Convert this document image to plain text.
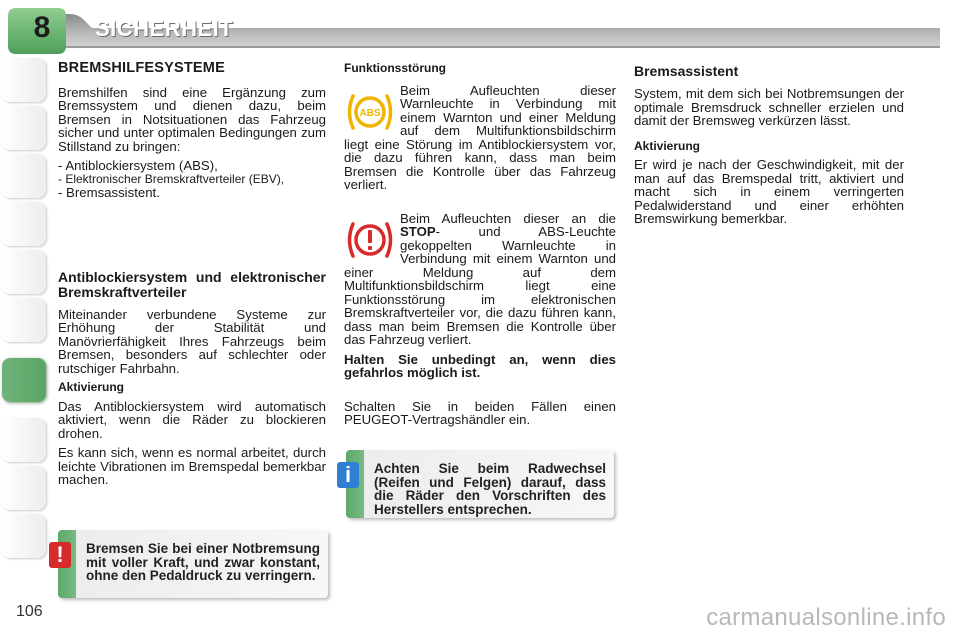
8	SICHERHEIT
BREMSHILFESYSTEME

Bremshilfen sind eine Ergänzung zum Bremssystem und dienen dazu, beim Bremsen in Notsituationen das Fahrzeug sicher und unter optimalen Bedingungen zum Stillstand zu bringen:

- Antiblockiersystem (ABS),
- Elektronischer Bremskraftverteiler (EBV),
- Bremsassistent.
Antiblockiersystem und elektronischer Bremskraftverteiler

Miteinander verbundene Systeme zur Erhöhung der Stabilität und Manövrierfähigkeit Ihres Fahrzeugs beim Bremsen, besonders auf schlechter oder rutschiger Fahrbahn.

Aktivierung

Das Antiblockiersystem wird automatisch aktiviert, wenn die Räder zu blockieren drohen.

Es kann sich, wenn es normal arbeitet, durch leichte Vibrationen im Bremspedal bemerkbar machen.

Funktionsstörung

ABS
Beim Aufleuchten dieser Warnleuchte in Verbindung mit einem Warnton und einer Meldung auf dem Multifunktionsbildschirm liegt eine Störung im Antiblockiersystem vor, die dazu führen kann, dass man beim Bremsen die Kontrolle über das Fahrzeug verliert.

Beim Aufleuchten dieser an die STOP- und ABS-Leuchte gekoppelten Warnleuchte in Verbindung mit einem Warnton und einer Meldung auf dem Multifunktionsbildschirm liegt eine Funktionsstörung im elektronischen Bremskraftverteiler vor, die dazu führen kann, dass man beim Bremsen die Kontrolle über das Fahrzeug verliert.

Halten Sie unbedingt an, wenn dies gefahrlos möglich ist.

Schalten Sie in beiden Fällen einen PEUGEOT-Vertragshändler ein.

Bremsassistent

System, mit dem sich bei Notbremsungen der optimale Bremsdruck schneller erzielen und damit der Bremsweg verkürzen lässt.

Aktivierung

Er wird je nach der Geschwindigkeit, mit der man auf das Bremspedal tritt, aktiviert und macht sich in einem verringerten Pedalwiderstand und einer erhöhten Bremswirkung bemerkbar.

!	Bremsen Sie bei einer Notbremsung mit voller Kraft, und zwar konstant, ohne den Pedaldruck zu verringern.
i	Achten Sie beim Radwechsel (Reifen und Felgen) darauf, dass die Räder den Vorschriften des Herstellers entsprechen.
106	carmanualsonline.info
